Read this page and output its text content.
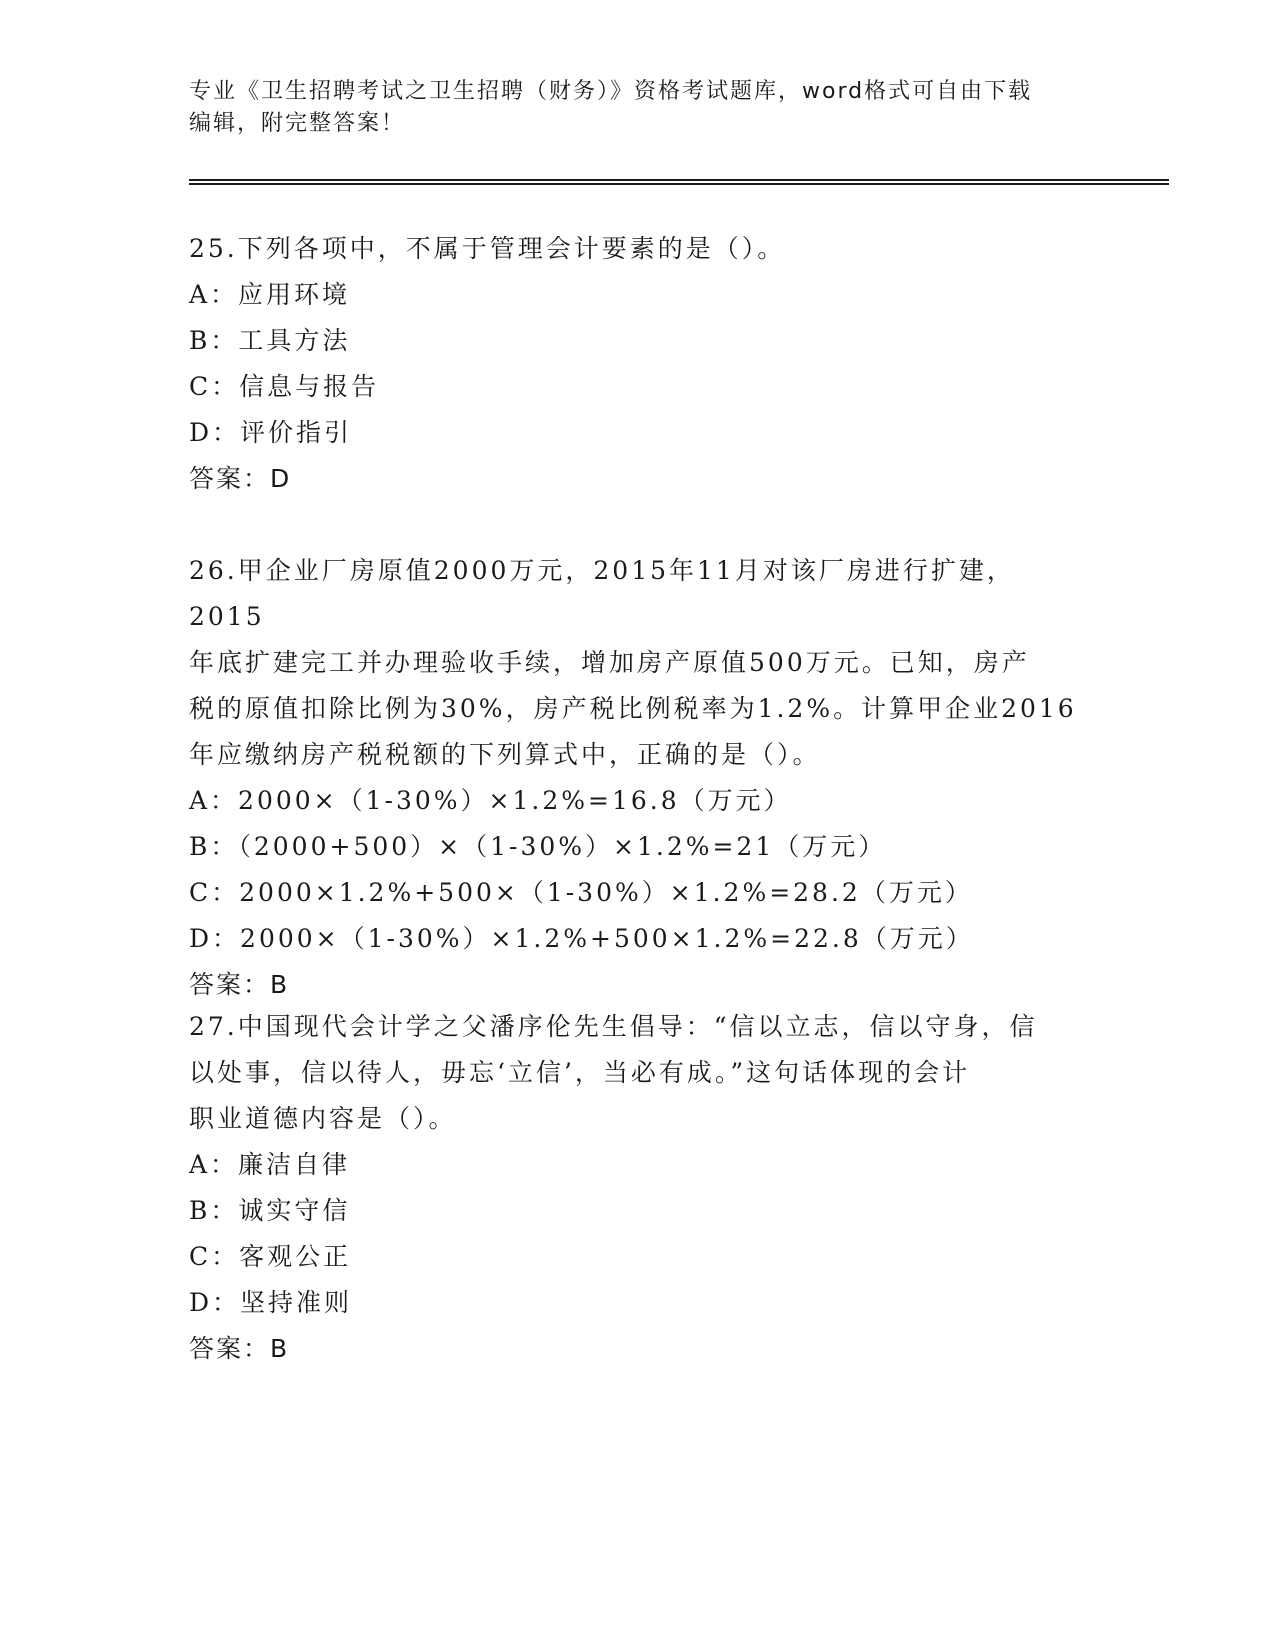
专业《卫生招聘考试之卫生招聘（财务）》资格考试题库，word格式可自由下载
编辑，附完整答案！

25.下列各项中，不属于管理会计要素的是（）。

A：应用环境

B：工具方法

C：信息与报告

D：评价指引

答案：D

26.甲企业厂房原值2000万元，2015年11月对该厂房进行扩建，2015

年底扩建完工并办理验收手续，增加房产原值500万元。已知，房产

税的原值扣除比例为30%，房产税比例税率为1.2%。计算甲企业2016

年应缴纳房产税税额的下列算式中，正确的是（）。

A：2000×（1-30%）×1.2%=16.8（万元）

B：（2000+500）×（1-30%）×1.2%=21（万元）

C：2000×1.2%+500×（1-30%）×1.2%=28.2（万元）

D：2000×（1-30%）×1.2%+500×1.2%=22.8（万元）

答案：B

27.中国现代会计学之父潘序伦先生倡导：“信以立志，信以守身，信

以处事，信以待人，毋忘‘立信’，当必有成。”这句话体现的会计

职业道德内容是（）。

A：廉洁自律

B：诚实守信

C：客观公正

D：坚持准则

答案：B
